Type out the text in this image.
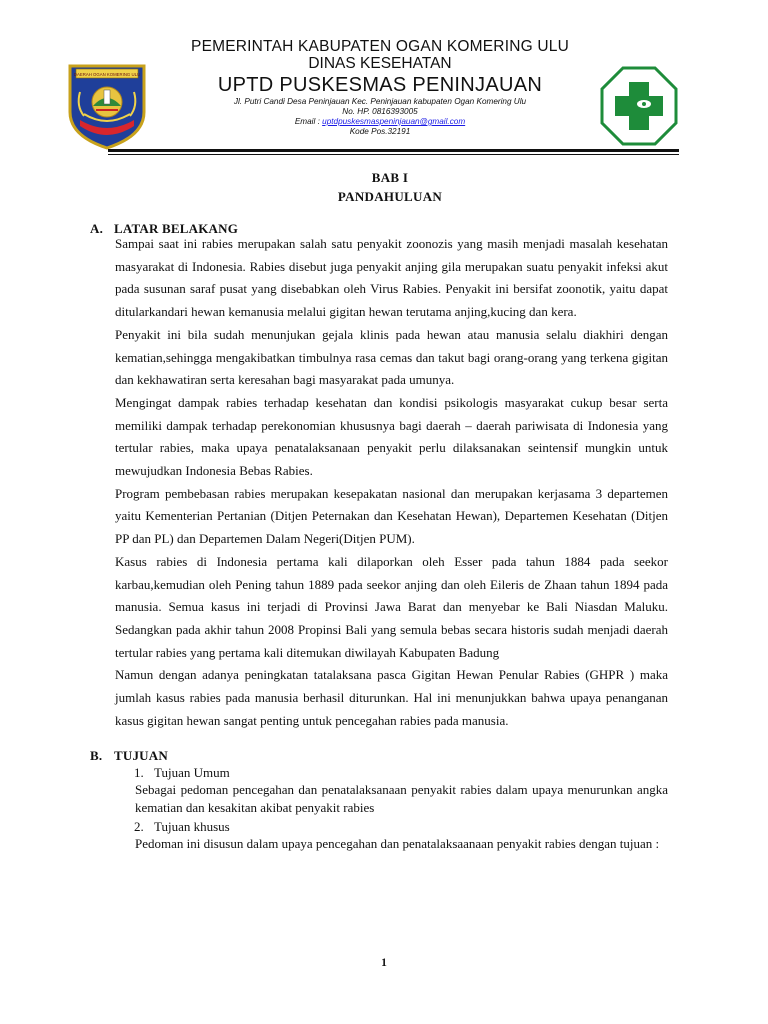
DAERAH OGAN KOMERING ULU
PEMERINTAH KABUPATEN OGAN KOMERING ULU
DINAS KESEHATAN
UPTD PUSKESMAS PENINJAUAN
Jl. Putri Candi Desa Peninjauan Kec. Peninjauan kabupaten Ogan Komering Ulu
No. HP. 0816393005
Email : uptdpuskesmaspeninjauan@gmail.com
Kode Pos.32191
BAB I
PANDAHULUAN
A. LATAR BELAKANG

Sampai saat ini rabies merupakan salah satu penyakit zoonozis yang masih menjadi masalah kesehatan masyarakat di Indonesia. Rabies disebut juga penyakit anjing gila merupakan suatu penyakit infeksi akut pada susunan saraf pusat yang disebabkan oleh Virus Rabies. Penyakit ini bersifat zoonotik, yaitu dapat ditularkandari hewan kemanusia melalui gigitan hewan terutama anjing,kucing dan kera.

Penyakit ini bila sudah menunjukan gejala klinis pada hewan atau manusia selalu diakhiri dengan kematian,sehingga mengakibatkan timbulnya rasa cemas dan takut bagi orang-orang yang terkena gigitan dan kekhawatiran serta keresahan bagi masyarakat pada umunya.

Mengingat dampak rabies terhadap kesehatan dan kondisi psikologis masyarakat cukup besar serta memiliki dampak terhadap perekonomian khususnya bagi daerah – daerah pariwisata di Indonesia yang tertular rabies, maka upaya penatalaksanaan penyakit perlu dilaksanakan seintensif mungkin untuk mewujudkan Indonesia Bebas Rabies.

Program pembebasan rabies merupakan kesepakatan nasional dan merupakan kerjasama 3 departemen yaitu Kementerian Pertanian (Ditjen Peternakan dan Kesehatan Hewan), Departemen Kesehatan (Ditjen PP dan PL) dan Departemen Dalam Negeri(Ditjen PUM).

Kasus rabies di Indonesia pertama kali dilaporkan oleh Esser pada tahun 1884 pada seekor karbau,kemudian oleh Pening tahun 1889 pada seekor anjing dan oleh Eileris de Zhaan tahun 1894 pada manusia. Semua kasus ini terjadi di Provinsi Jawa Barat dan menyebar ke Bali Niasdan Maluku. Sedangkan pada akhir tahun 2008 Propinsi Bali yang semula bebas secara historis sudah menjadi daerah tertular rabies yang pertama kali ditemukan diwilayah Kabupaten Badung

Namun dengan adanya peningkatan tatalaksana pasca Gigitan Hewan Penular Rabies (GHPR ) maka jumlah kasus rabies pada manusia berhasil diturunkan. Hal ini menunjukkan bahwa upaya penanganan kasus gigitan hewan sangat penting untuk pencegahan rabies pada manusia.

B. TUJUAN
1. Tujuan Umum
Sebagai pedoman pencegahan dan penatalaksanaan penyakit rabies dalam upaya menurunkan angka kematian dan kesakitan akibat penyakit rabies
2. Tujuan khusus
Pedoman ini disusun dalam upaya pencegahan dan penatalaksaanaan penyakit rabies dengan tujuan :
1
